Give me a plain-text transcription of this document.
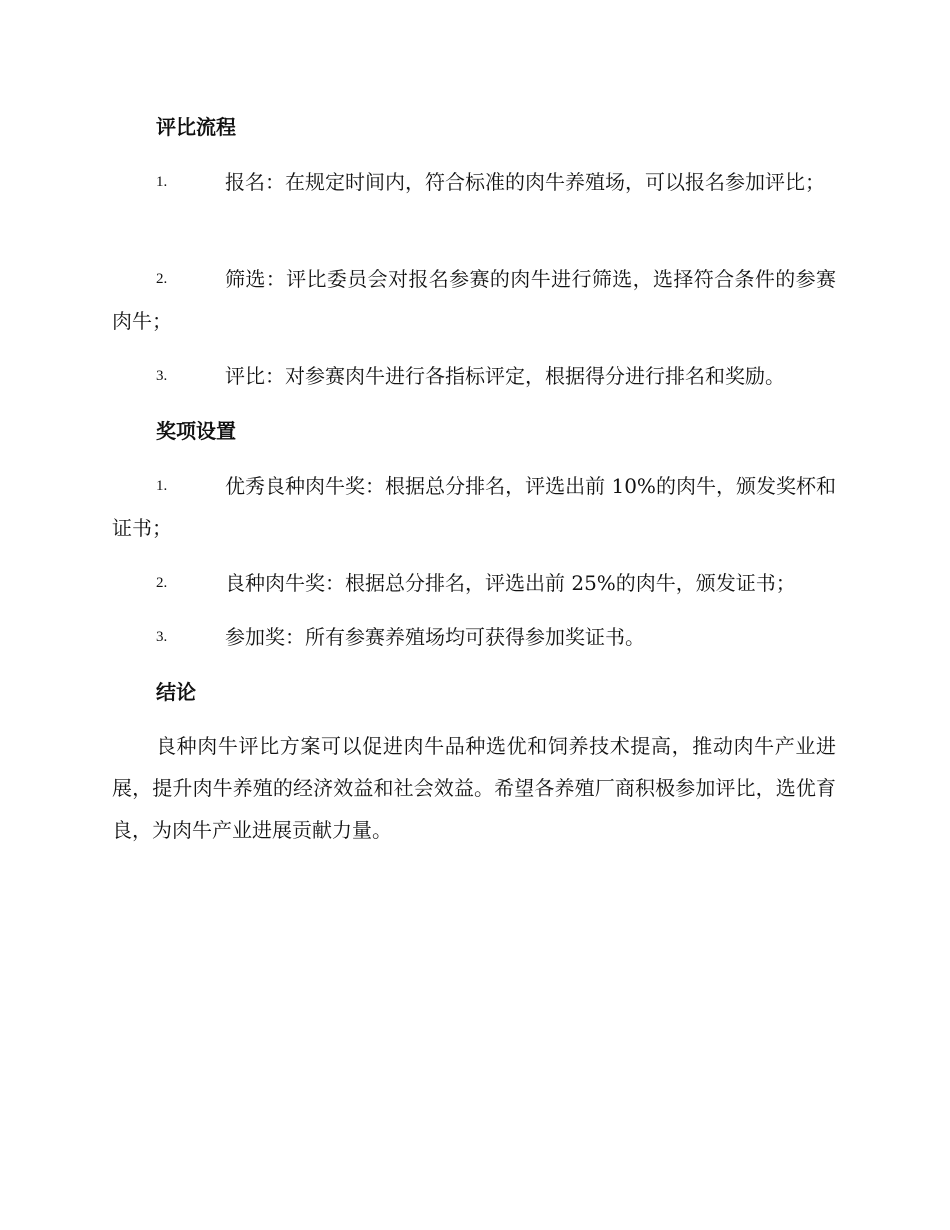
评比流程
1.	报名：在规定时间内，符合标准的肉牛养殖场，可以报名参加评比；
2.	筛选：评比委员会对报名参赛的肉牛进行筛选，选择符合条件的参赛肉牛；
3.	评比：对参赛肉牛进行各指标评定，根据得分进行排名和奖励。
奖项设置
1.	优秀良种肉牛奖：根据总分排名，评选出前 10%的肉牛，颁发奖杯和证书；
2.	良种肉牛奖：根据总分排名，评选出前 25%的肉牛，颁发证书；
3.	参加奖：所有参赛养殖场均可获得参加奖证书。
结论
良种肉牛评比方案可以促进肉牛品种选优和饲养技术提高，推动肉牛产业进展，提升肉牛养殖的经济效益和社会效益。希望各养殖厂商积极参加评比，选优育良，为肉牛产业进展贡献力量。
